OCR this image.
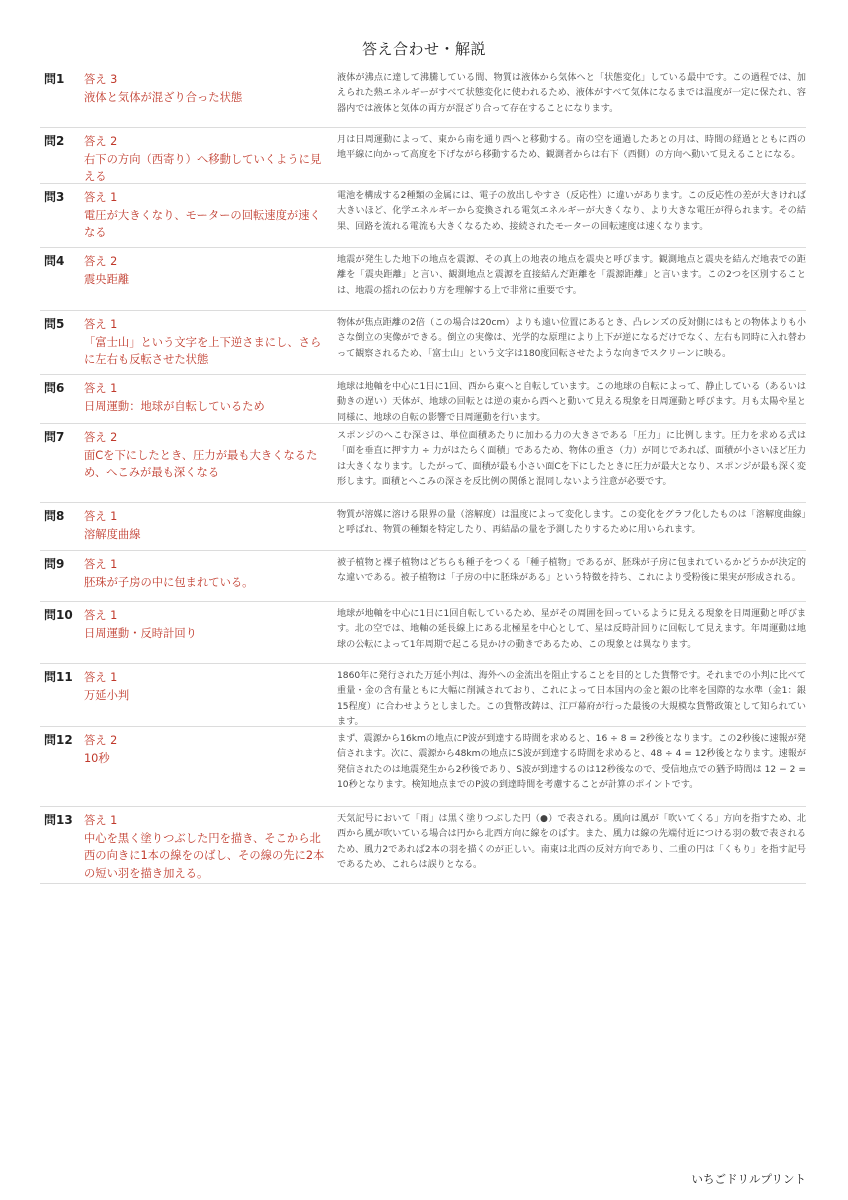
答え合わせ・解説
問1	答え 3
液体と気体が混ざり合った状態
液体が沸点に達して沸騰している間、物質は液体から気体へと「状態変化」している最中です。この過程では、加えられた熱エネルギーがすべて状態変化に使われるため、液体がすべて気体になるまでは温度が一定に保たれ、容器内では液体と気体の両方が混ざり合って存在することになります。
問2	答え 2
右下の方向（西寄り）へ移動していくように見える
月は日周運動によって、東から南を通り西へと移動する。南の空を通過したあとの月は、時間の経過とともに西の地平線に向かって高度を下げながら移動するため、観測者からは右下（西側）の方向へ動いて見えることになる。
問3	答え 1
電圧が大きくなり、モーターの回転速度が速くなる
電池を構成する2種類の金属には、電子の放出しやすさ（反応性）に違いがあります。この反応性の差が大きければ大きいほど、化学エネルギーから変換される電気エネルギーが大きくなり、より大きな電圧が得られます。その結果、回路を流れる電流も大きくなるため、接続されたモーターの回転速度は速くなります。
問4	答え 2
震央距離
地震が発生した地下の地点を震源、その真上の地表の地点を震央と呼びます。観測地点と震央を結んだ地表での距離を「震央距離」と言い、観測地点と震源を直接結んだ距離を「震源距離」と言います。この2つを区別することは、地震の揺れの伝わり方を理解する上で非常に重要です。
問5	答え 1
「富士山」という文字を上下逆さまにし、さらに左右も反転させた状態
物体が焦点距離の2倍（この場合は20cm）よりも遠い位置にあるとき、凸レンズの反対側にはもとの物体よりも小さな倒立の実像ができる。倒立の実像は、光学的な原理により上下が逆になるだけでなく、左右も同時に入れ替わって観察されるため、「富士山」という文字は180度回転させたような向きでスクリーンに映る。
問6	答え 1
日周運動：地球が自転しているため
地球は地軸を中心に1日に1回、西から東へと自転しています。この地球の自転によって、静止している（あるいは動きの遅い）天体が、地球の回転とは逆の東から西へと動いて見える現象を日周運動と呼びます。月も太陽や星と同様に、地球の自転の影響で日周運動を行います。
問7	答え 2
面Cを下にしたとき、圧力が最も大きくなるため、へこみが最も深くなる
スポンジのへこむ深さは、単位面積あたりに加わる力の大きさである「圧力」に比例します。圧力を求める式は「面を垂直に押す力 ÷ 力がはたらく面積」であるため、物体の重さ（力）が同じであれば、面積が小さいほど圧力は大きくなります。したがって、面積が最も小さい面Cを下にしたときに圧力が最大となり、スポンジが最も深く変形します。面積とへこみの深さを反比例の関係と混同しないよう注意が必要です。
問8	答え 1
溶解度曲線
物質が溶媒に溶ける限界の量（溶解度）は温度によって変化します。この変化をグラフ化したものは「溶解度曲線」と呼ばれ、物質の種類を特定したり、再結晶の量を予測したりするために用いられます。
問9	答え 1
胚珠が子房の中に包まれている。
被子植物と裸子植物はどちらも種子をつくる「種子植物」であるが、胚珠が子房に包まれているかどうかが決定的な違いである。被子植物は「子房の中に胚珠がある」という特徴を持ち、これにより受粉後に果実が形成される。
問10 答え 1
日周運動・反時計回り
地球が地軸を中心に1日に1回自転しているため、星がその周囲を回っているように見える現象を日周運動と呼びます。北の空では、地軸の延長線上にある北極星を中心として、星は反時計回りに回転して見えます。年周運動は地球の公転によって1年周期で起こる見かけの動きであるため、この現象とは異なります。
問11 答え 1
万延小判
1860年に発行された万延小判は、海外への金流出を阻止することを目的とした貨幣です。それまでの小判に比べて重量・金の含有量ともに大幅に削減されており、これによって日本国内の金と銀の比率を国際的な水準（金1：銀15程度）に合わせようとしました。この貨幣改鋳は、江戸幕府が行った最後の大規模な貨幣政策として知られています。
問12 答え 2
10秒
まず、震源から16kmの地点にP波が到達する時間を求めると、16 ÷ 8 = 2秒後となります。この2秒後に速報が発信されます。次に、震源から48kmの地点にS波が到達する時間を求めると、48 ÷ 4 = 12秒後となります。速報が発信されたのは地震発生から2秒後であり、S波が到達するのは12秒後なので、受信地点での猶予時間は 12 − 2 = 10秒となります。検知地点までのP波の到達時間を考慮することが計算のポイントです。
問13 答え 1
中心を黒く塗りつぶした円を描き、そこから北西の向きに1本の線をのばし、その線の先に2本の短い羽を描き加える。
天気記号において「雨」は黒く塗りつぶした円（●）で表される。風向は風が「吹いてくる」方向を指すため、北西から風が吹いている場合は円から北西方向に線をのばす。また、風力は線の先端付近につける羽の数で表されるため、風力2であれば2本の羽を描くのが正しい。南東は北西の反対方向であり、二重の円は「くもり」を指す記号であるため、これらは誤りとなる。
いちごドリルプリント
